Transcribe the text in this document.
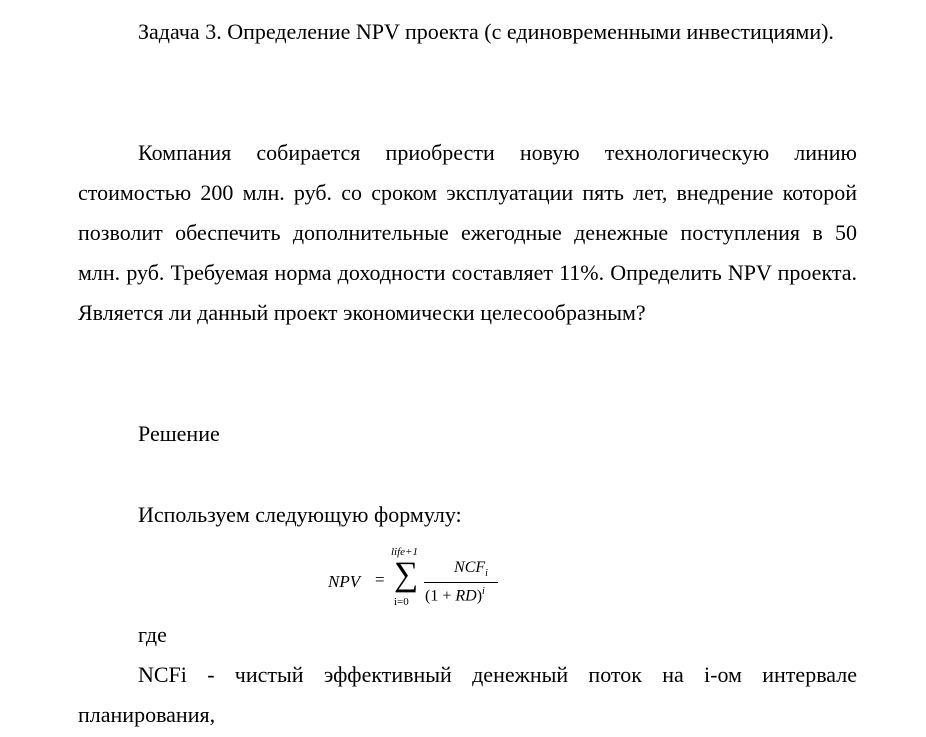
Задача 3. Определение NPV проекта (с единовременными инвестициями).

Компания собирается приобрести новую технологическую линию стоимостью 200 млн. руб. со сроком эксплуатации пять лет, внедрение которой позволит обеспечить дополнительные ежегодные денежные поступления в 50 млн. руб. Требуемая норма доходности составляет 11%. Определить NPV проекта. Является ли данный проект экономически целесообразным?

Решение

Используем следующую формулу:

NPV =
life+1
∑
i=0
$NCF_i$
(1 + RD)$^i$

где

NCFi - чистый эффективный денежный поток на i-ом интервале планирования,
